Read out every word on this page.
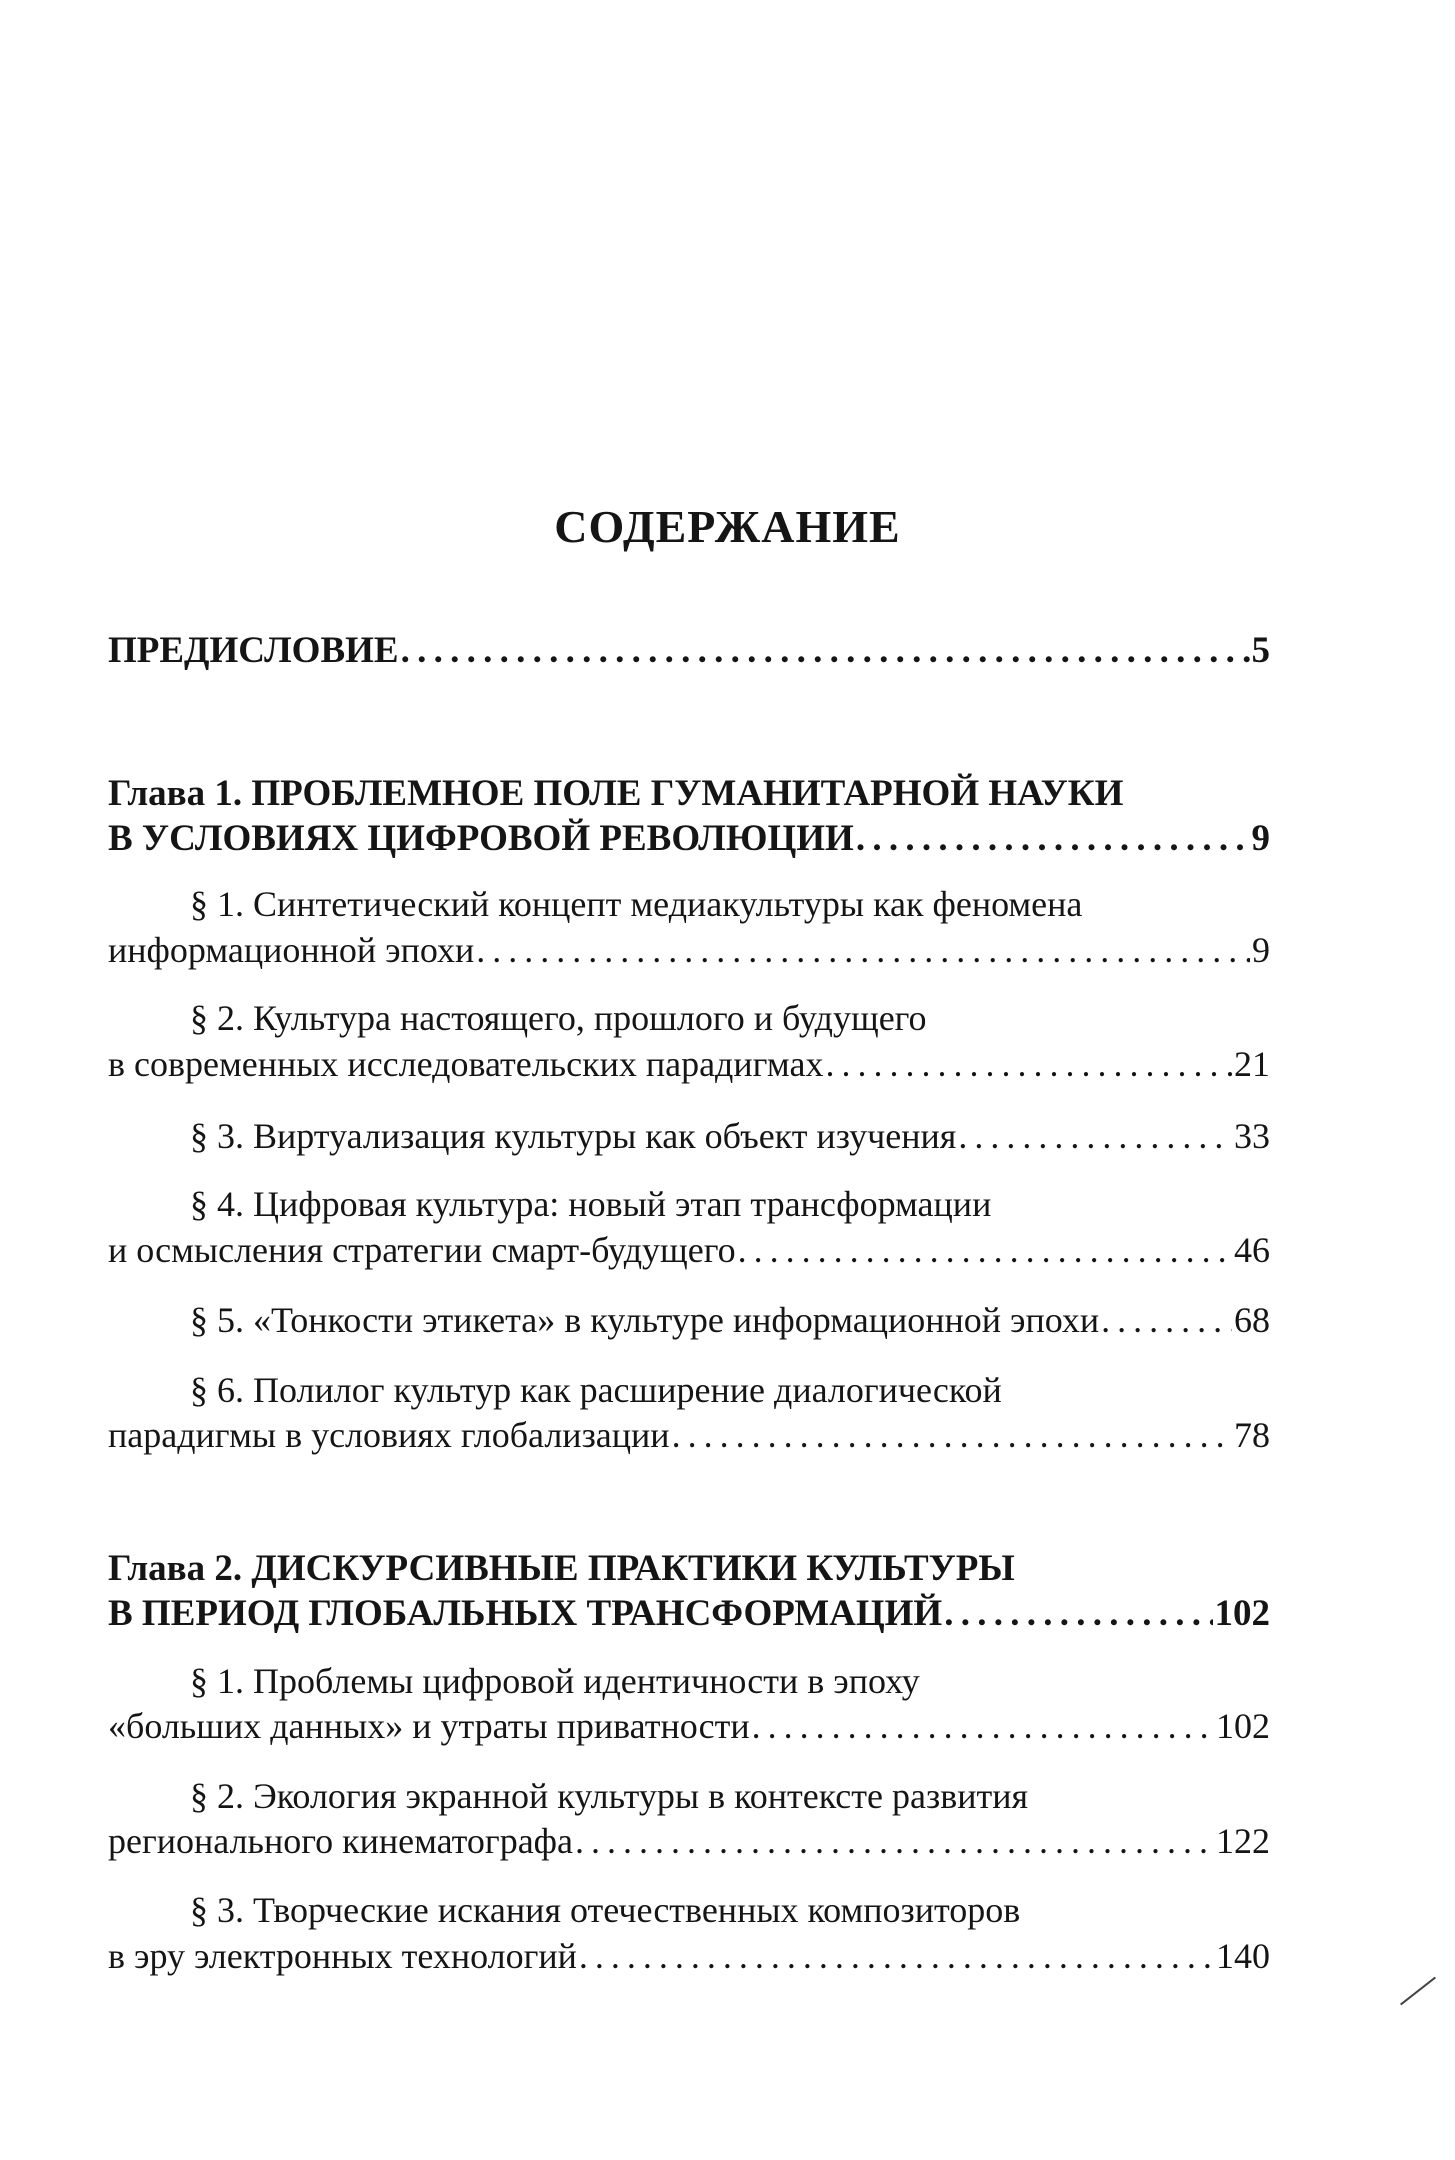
СОДЕРЖАНИЕ
ПРЕДИСЛОВИЕ . . .	5
Глава 1. ПРОБЛЕМНОЕ ПОЛЕ ГУМАНИТАРНОЙ НАУКИ
В УСЛОВИЯХ ЦИФРОВОЙ РЕВОЛЮЦИИ . . .	9
§ 1. Синтетический концепт медиакультуры как феномена
информационной эпохи . . .	9
§ 2. Культура настоящего, прошлого и будущего
в современных исследовательских парадигмах . . .	21
§ 3. Виртуализация культуры как объект изучения . . .	33
§ 4. Цифровая культура: новый этап трансформации
и осмысления стратегии смарт-будущего . . .	46
§ 5. «Тонкости этикета» в культуре информационной эпохи . . .	68
§ 6. Полилог культур как расширение диалогической
парадигмы в условиях глобализации . . .	78
Глава 2. ДИСКУРСИВНЫЕ ПРАКТИКИ КУЛЬТУРЫ
В ПЕРИОД ГЛОБАЛЬНЫХ ТРАНСФОРМАЦИЙ . . .	102
§ 1. Проблемы цифровой идентичности в эпоху
«больших данных» и утраты приватности . . .	102
§ 2. Экология экранной культуры в контексте развития
регионального кинематографа . . .	122
§ 3. Творческие искания отечественных композиторов
в эру электронных технологий . . .	140
